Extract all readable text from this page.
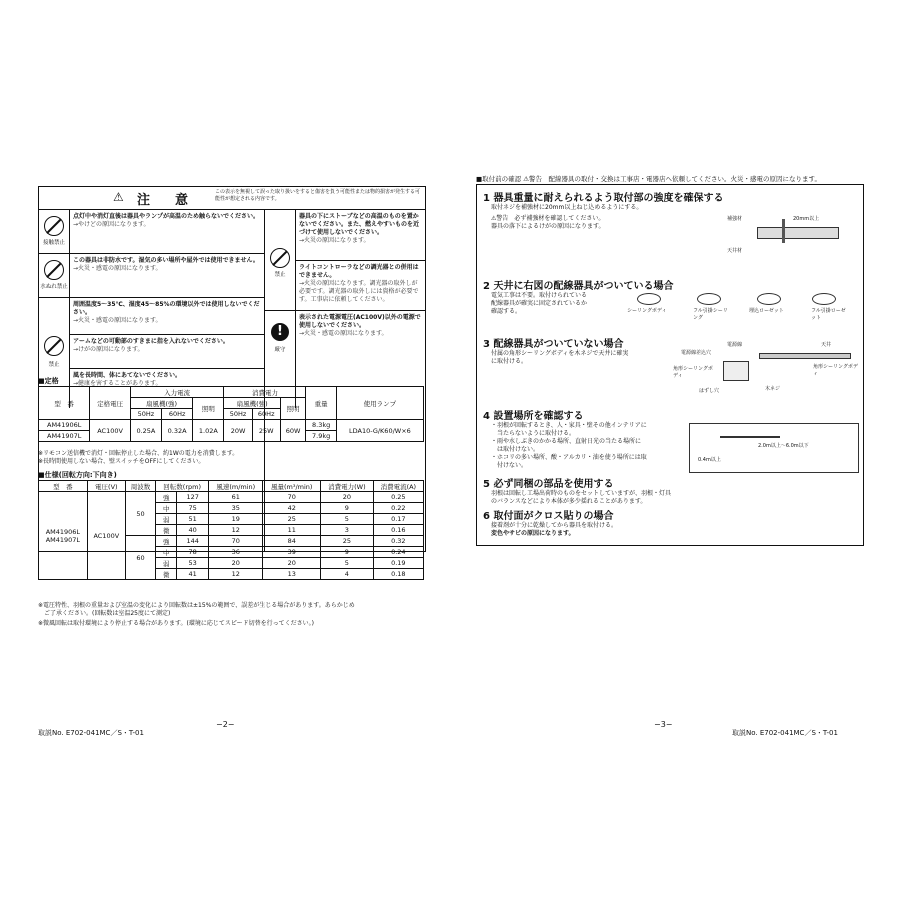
⚠ 注　意
この表示を無視して誤った取り扱いをすると傷害を負う可能性または物的損害が発生する可能性が想定される内容です。
接触禁止
点灯中や消灯直後は器具やランプが高温のため触らないでください。
→やけどの原因になります。
水ぬれ禁止
この器具は非防水です。湿気の多い場所や屋外では使用できません。
→火災・感電の原因になります。
禁止
周囲温度5～35℃、湿度45～85%の環境以外では使用しないでください。
→火災・感電の原因になります。
アームなどの可動部のすきまに指を入れないでください。
→けがの原因になります。
風を長時間、体にあてないでください。
→健康を害することがあります。
禁止
器具の下にストーブなどの高温のものを置かないでください。また、燃えやすいものを近づけて使用しないでください。
→火災の原因になります。
ライトコントローラなどの調光器との併用はできません。
→火災の原因になります。調光器の取外しが必要です。調光器の取外しには資格が必要です。工事店に依頼してください。
!
厳守
表示された電源電圧(AC100V)以外の電源で使用しないでください。
→火災・感電の原因になります。
■定格
型　番	定格電圧	入力電流			消費電力			重量	使用ランプ
		扇風機(強)		照明	扇風機(強)		照明		
		50Hz	60Hz		50Hz	60Hz			
AM41906L	AC100V	0.25A	0.32A	1.02A	20W	25W	60W	8.3kg	LDA10-G/K60/W×6
AM41907L								7.9kg	
※リモコン送信機で消灯・回転停止した場合、約1Wの電力を消費します。
※長時間使用しない場合、壁スイッチをOFFにしてください。
■仕様(回転方向:下向き)
型　番	電圧(V)	周波数	回転数(rpm)		風速(m/min)	風量(m³/min)	消費電力(W)	消費電流(A)
AM41906L
AM41907L	AC100V	50	強	127	61	70	20	0.25
			中	75	35	42	9	0.22
			弱	51	19	25	5	0.17
			微	40	12	11	3	0.16
		60	強	144	70	84	25	0.32
			中	78	36	39	9	0.24
			弱	53	20	20	5	0.19
			微	41	12	13	4	0.18
※電圧特性、羽根の重量および室温の変化により回転数は±15%の範囲で、誤差が生じる場合があります。あらかじめ
ご了承ください。(回転数は室温25度にて測定)
※微風回転は取付環境により停止する場合があります。(環境に応じてスピード切替を行ってください。)
−2−
取説No. E702-041MC／S・T-01
■取付前の確認 ⚠警告　配線器具の取付・交換は工事店・電器店へ依頼してください。火災・感電の原因になります。
1 器具重量に耐えられるよう取付部の強度を確保する
取付ネジを補強材に20mm以上ねじ込めるようにする。
⚠警告　必ず補強材を確認してください。
器具の落下によるけがの原因になります。
補強材	20mm以上
天井材
2 天井に右図の配線器具がついている場合
電気工事は不要。取付けられている
配線器具が確実に固定されているか
確認する。	シーリングボディ	フル引掛シーリング
埋込ローゼット	フル引掛ローゼット
3 配線器具がついていない場合
付属の角形シーリングボディを木ネジで天井に確実
に取付ける。
電源線
電源線差込穴
角形シーリングボディ
はずし穴
天井
角形シーリングボディ
木ネジ
4 設置場所を確認する
・羽根が回転するとき、人・家具・壁その他インテリアに
当たらないように取付ける。
・雨や水しぶきのかかる場所、直射日光の当たる場所に
は取付けない。
・ホコリの多い場所、酸・アルカリ・油を使う場所には取
付けない。
2.0m以上～6.0m以下
0.4m以上
5 必ず同梱の部品を使用する
羽根は回転し工場出荷時のものをセットしていますが、羽根・灯具
のバランスなどにより本体が多少揺れることがあります。
6 取付面がクロス貼りの場合
接着剤が十分に乾燥してから器具を取付ける。
変色やサビの原因になります。
−3−
取説No. E702-041MC／S・T-01
